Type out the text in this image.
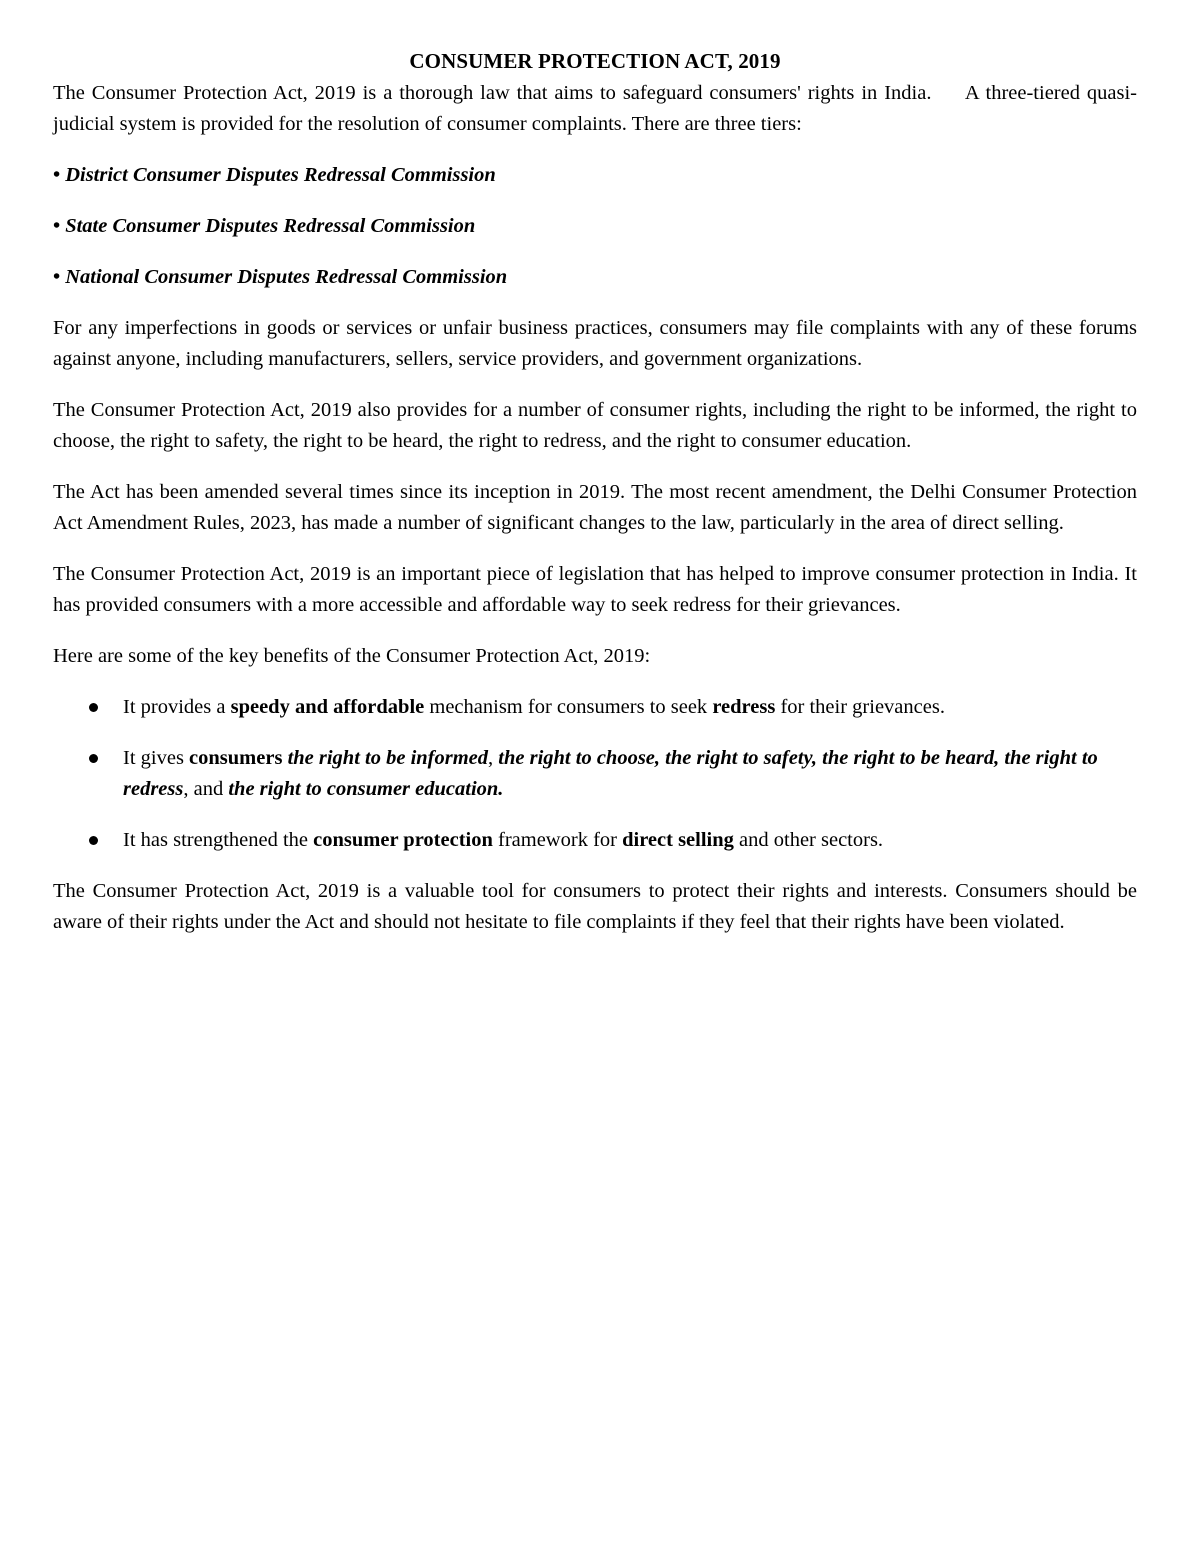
CONSUMER PROTECTION ACT, 2019

The Consumer Protection Act, 2019 is a thorough law that aims to safeguard consumers' rights in India.     A three-tiered quasi-judicial system is provided for the resolution of consumer complaints. There are three tiers:

• District Consumer Disputes Redressal Commission

• State Consumer Disputes Redressal Commission

• National Consumer Disputes Redressal Commission

For any imperfections in goods or services or unfair business practices, consumers may file complaints with any of these forums against anyone, including manufacturers, sellers, service providers, and government organizations.

The Consumer Protection Act, 2019 also provides for a number of consumer rights, including the right to be informed, the right to choose, the right to safety, the right to be heard, the right to redress, and the right to consumer education.

The Act has been amended several times since its inception in 2019. The most recent amendment, the Delhi Consumer Protection Act Amendment Rules, 2023, has made a number of significant changes to the law, particularly in the area of direct selling.

The Consumer Protection Act, 2019 is an important piece of legislation that has helped to improve consumer protection in India. It has provided consumers with a more accessible and affordable way to seek redress for their grievances.

Here are some of the key benefits of the Consumer Protection Act, 2019:

It provides a speedy and affordable mechanism for consumers to seek redress for their grievances.
It gives consumers the right to be informed, the right to choose, the right to safety, the right to be heard, the right to redress, and the right to consumer education.
It has strengthened the consumer protection framework for direct selling and other sectors.

The Consumer Protection Act, 2019 is a valuable tool for consumers to protect their rights and interests. Consumers should be aware of their rights under the Act and should not hesitate to file complaints if they feel that their rights have been violated.
